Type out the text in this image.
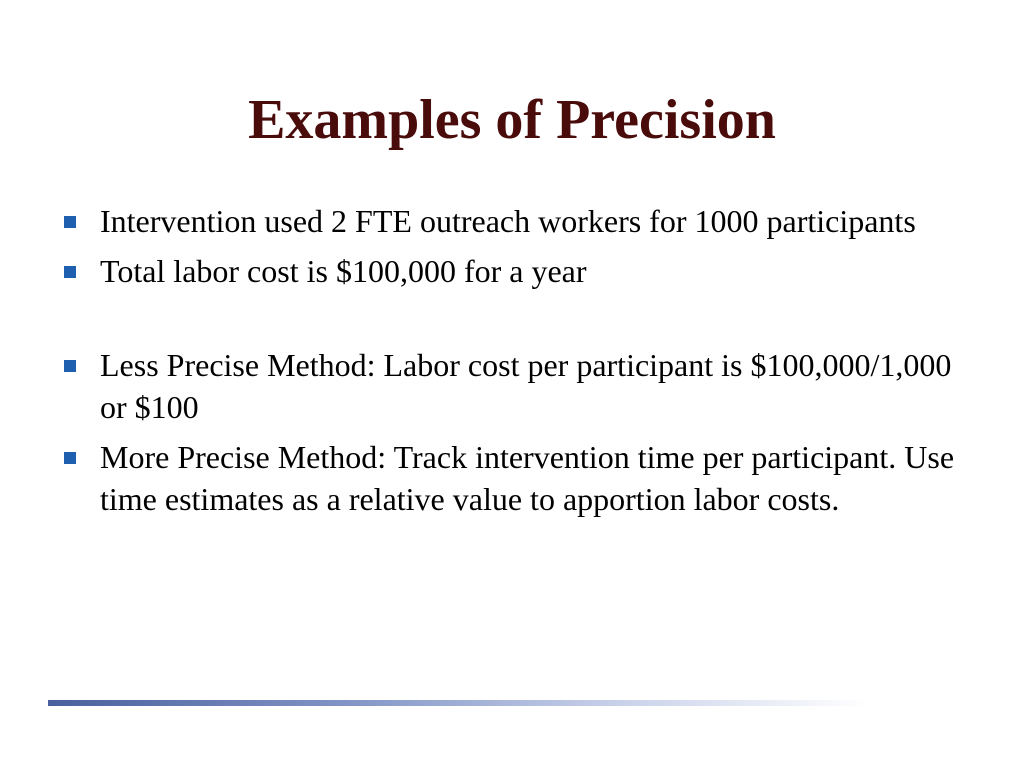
Examples of Precision
Intervention used 2 FTE outreach workers for 1000 participants
Total labor cost is $100,000 for a year
Less Precise Method: Labor cost per participant is $100,000/1,000 or $100
More Precise Method: Track intervention time per participant. Use time estimates as a relative value to apportion labor costs.
